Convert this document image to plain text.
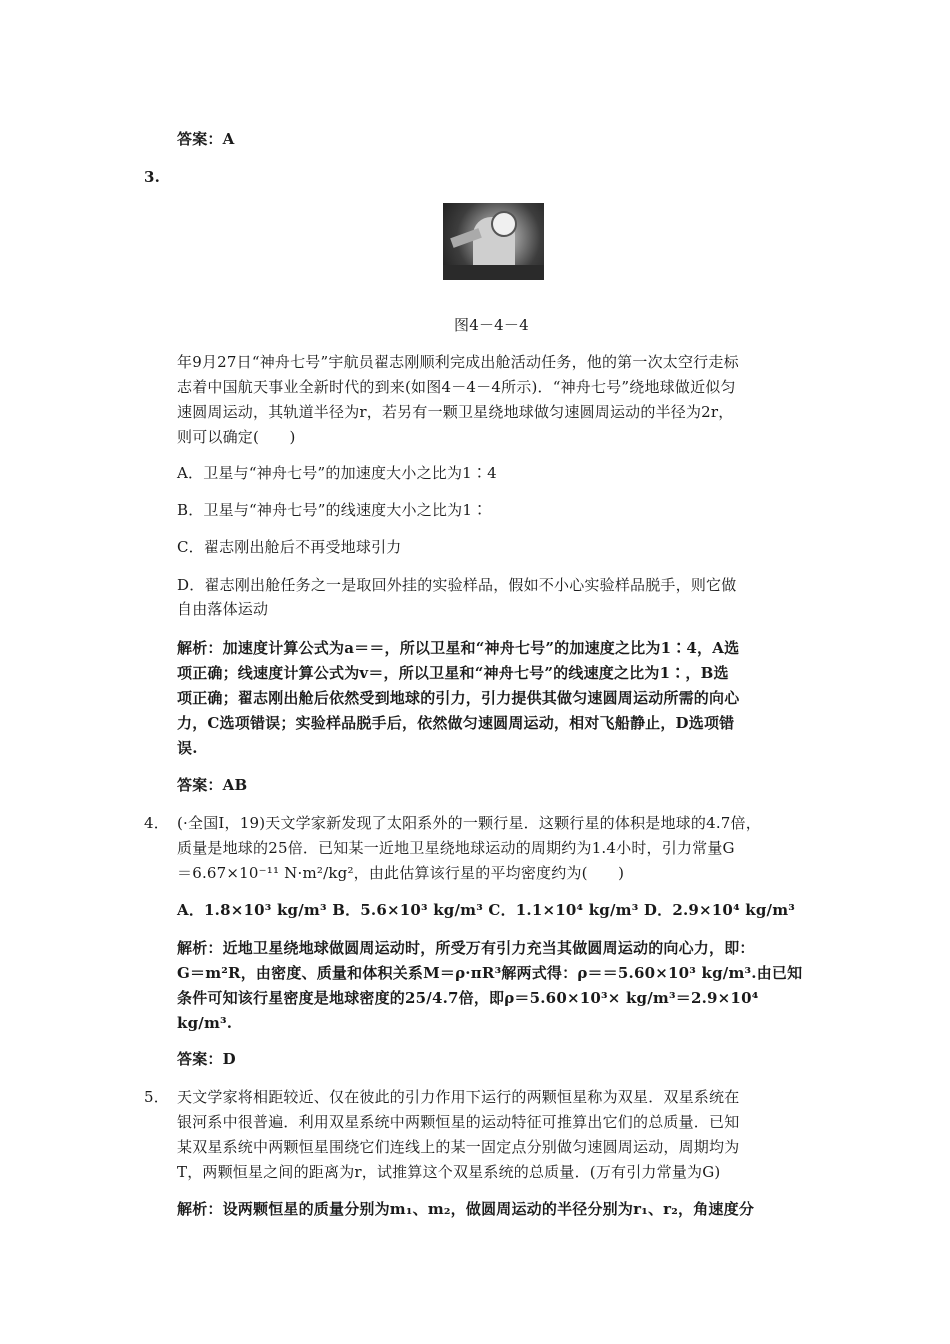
答案：A
3.
图4－4－4
年9月27日“神舟七号”宇航员翟志刚顺利完成出舱活动任务，他的第一次太空行走标
志着中国航天事业全新时代的到来(如图4－4－4所示)．“神舟七号”绕地球做近似匀
速圆周运动，其轨道半径为r，若另有一颗卫星绕地球做匀速圆周运动的半径为2r，
则可以确定(　　)
A．卫星与“神舟七号”的加速度大小之比为1∶4
B．卫星与“神舟七号”的线速度大小之比为1∶
C．翟志刚出舱后不再受地球引力
D．翟志刚出舱任务之一是取回外挂的实验样品，假如不小心实验样品脱手，则它做
自由落体运动
解析：加速度计算公式为a＝＝，所以卫星和“神舟七号”的加速度之比为1∶4，A选
项正确；线速度计算公式为v＝，所以卫星和“神舟七号”的线速度之比为1∶，B选
项正确；翟志刚出舱后依然受到地球的引力，引力提供其做匀速圆周运动所需的向心
力，C选项错误；实验样品脱手后，依然做匀速圆周运动，相对飞船静止，D选项错
误.
答案：AB
4． (·全国Ⅰ，19)天文学家新发现了太阳系外的一颗行星．这颗行星的体积是地球的4.7倍，
质量是地球的25倍．已知某一近地卫星绕地球运动的周期约为1.4小时，引力常量G
＝6.67×10⁻¹¹ N·m²/kg²，由此估算该行星的平均密度约为(　　)
A．1.8×10³ kg/m³ B．5.6×10³ kg/m³ C．1.1×10⁴ kg/m³ D．2.9×10⁴ kg/m³
解析：近地卫星绕地球做圆周运动时，所受万有引力充当其做圆周运动的向心力，即：
G＝m²R，由密度、质量和体积关系M＝ρ·πR³解两式得：ρ＝＝5.60×10³ kg/m³.由已知
条件可知该行星密度是地球密度的25/4.7倍，即ρ＝5.60×10³× kg/m³＝2.9×10⁴
kg/m³.
答案：D
5． 天文学家将相距较近、仅在彼此的引力作用下运行的两颗恒星称为双星．双星系统在
银河系中很普遍．利用双星系统中两颗恒星的运动特征可推算出它们的总质量．已知
某双星系统中两颗恒星围绕它们连线上的某一固定点分别做匀速圆周运动，周期均为
T，两颗恒星之间的距离为r，试推算这个双星系统的总质量．(万有引力常量为G)
解析：设两颗恒星的质量分别为m₁、m₂，做圆周运动的半径分别为r₁、r₂，角速度分
